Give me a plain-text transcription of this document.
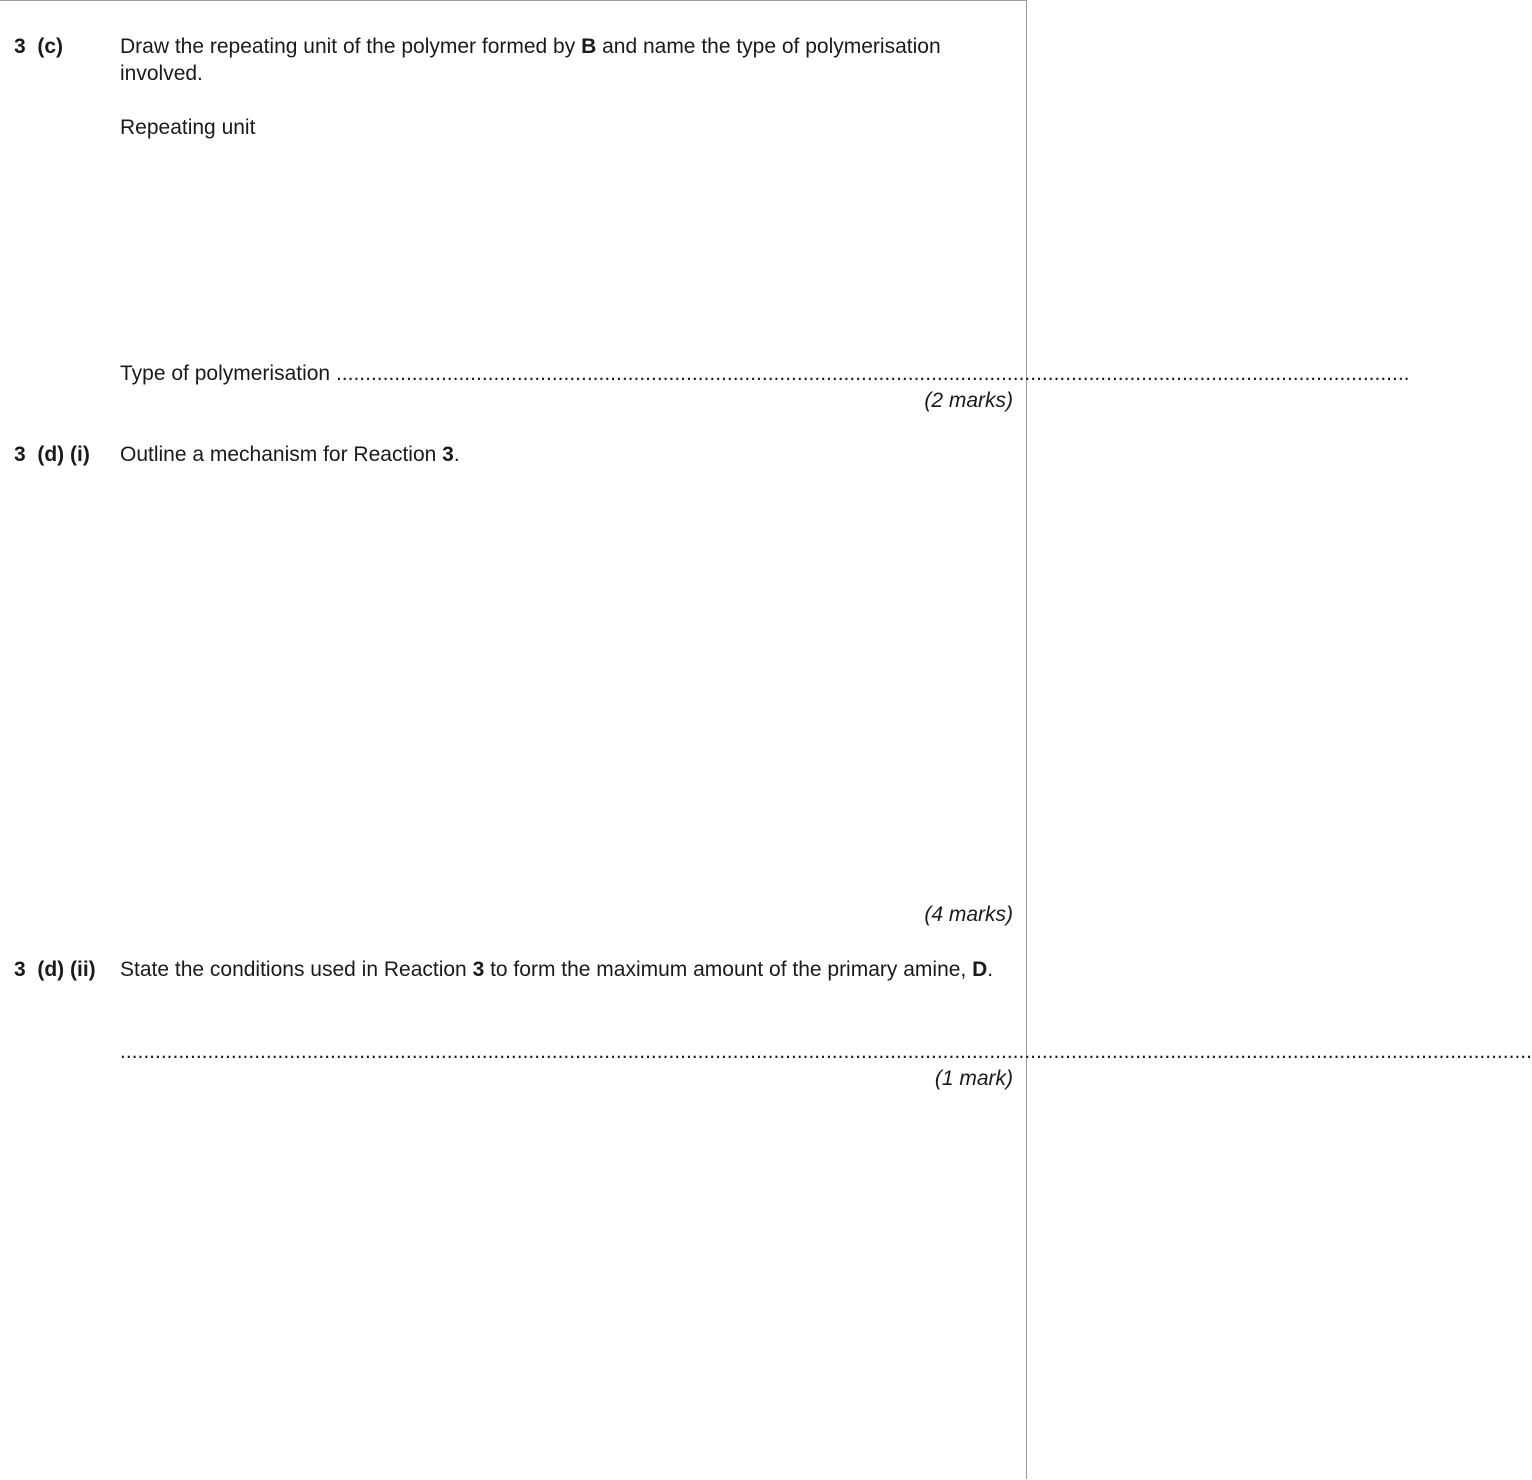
3  (c)	Draw the repeating unit of the polymer formed by B and name the type of polymerisation involved.
Repeating unit
Type of polymerisation ........................................................................................................................................................................................
(2 marks)
3  (d) (i) Outline a mechanism for Reaction 3.
(4 marks)
3  (d) (ii) State the conditions used in Reaction 3 to form the maximum amount of the primary amine, D.
..................................................................................................................................................................................................................................................
(1 mark)
